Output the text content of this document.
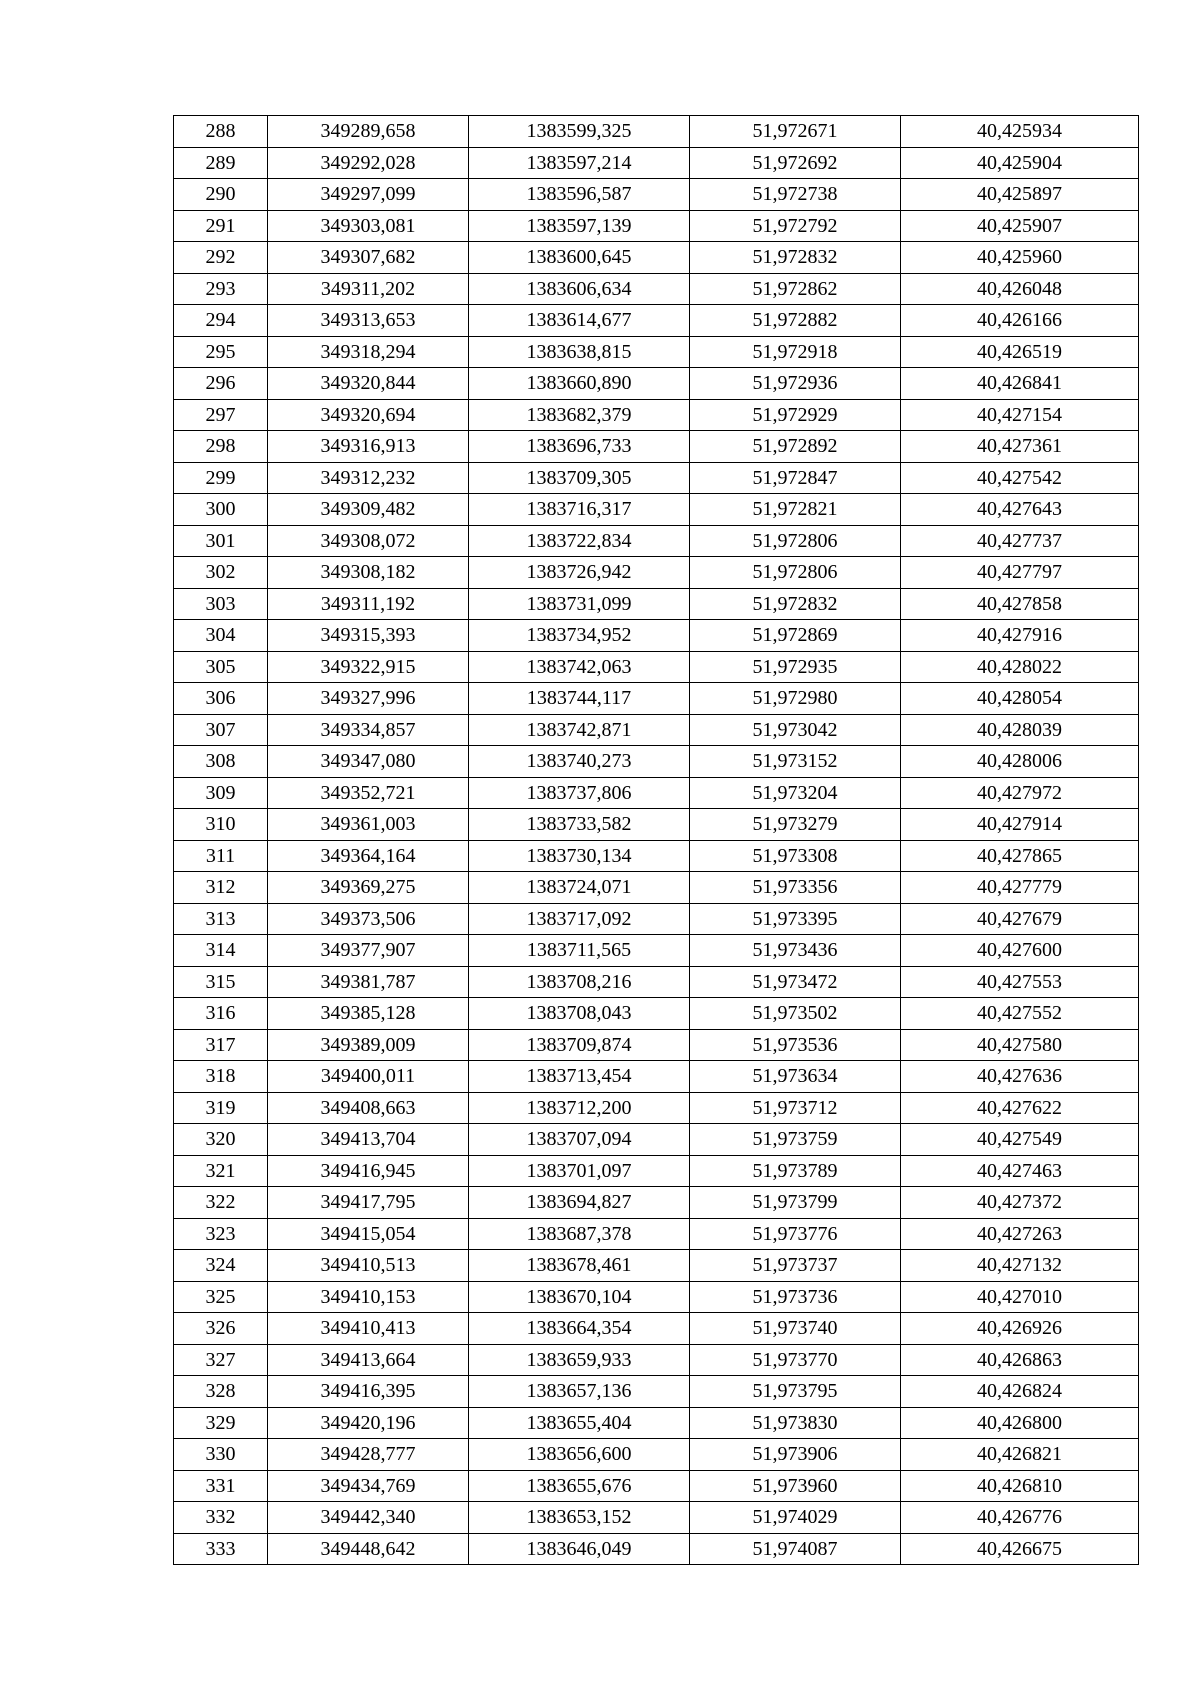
288	349289,658	1383599,325	51,972671	40,425934
289	349292,028	1383597,214	51,972692	40,425904
290	349297,099	1383596,587	51,972738	40,425897
291	349303,081	1383597,139	51,972792	40,425907
292	349307,682	1383600,645	51,972832	40,425960
293	349311,202	1383606,634	51,972862	40,426048
294	349313,653	1383614,677	51,972882	40,426166
295	349318,294	1383638,815	51,972918	40,426519
296	349320,844	1383660,890	51,972936	40,426841
297	349320,694	1383682,379	51,972929	40,427154
298	349316,913	1383696,733	51,972892	40,427361
299	349312,232	1383709,305	51,972847	40,427542
300	349309,482	1383716,317	51,972821	40,427643
301	349308,072	1383722,834	51,972806	40,427737
302	349308,182	1383726,942	51,972806	40,427797
303	349311,192	1383731,099	51,972832	40,427858
304	349315,393	1383734,952	51,972869	40,427916
305	349322,915	1383742,063	51,972935	40,428022
306	349327,996	1383744,117	51,972980	40,428054
307	349334,857	1383742,871	51,973042	40,428039
308	349347,080	1383740,273	51,973152	40,428006
309	349352,721	1383737,806	51,973204	40,427972
310	349361,003	1383733,582	51,973279	40,427914
311	349364,164	1383730,134	51,973308	40,427865
312	349369,275	1383724,071	51,973356	40,427779
313	349373,506	1383717,092	51,973395	40,427679
314	349377,907	1383711,565	51,973436	40,427600
315	349381,787	1383708,216	51,973472	40,427553
316	349385,128	1383708,043	51,973502	40,427552
317	349389,009	1383709,874	51,973536	40,427580
318	349400,011	1383713,454	51,973634	40,427636
319	349408,663	1383712,200	51,973712	40,427622
320	349413,704	1383707,094	51,973759	40,427549
321	349416,945	1383701,097	51,973789	40,427463
322	349417,795	1383694,827	51,973799	40,427372
323	349415,054	1383687,378	51,973776	40,427263
324	349410,513	1383678,461	51,973737	40,427132
325	349410,153	1383670,104	51,973736	40,427010
326	349410,413	1383664,354	51,973740	40,426926
327	349413,664	1383659,933	51,973770	40,426863
328	349416,395	1383657,136	51,973795	40,426824
329	349420,196	1383655,404	51,973830	40,426800
330	349428,777	1383656,600	51,973906	40,426821
331	349434,769	1383655,676	51,973960	40,426810
332	349442,340	1383653,152	51,974029	40,426776
333	349448,642	1383646,049	51,974087	40,426675
